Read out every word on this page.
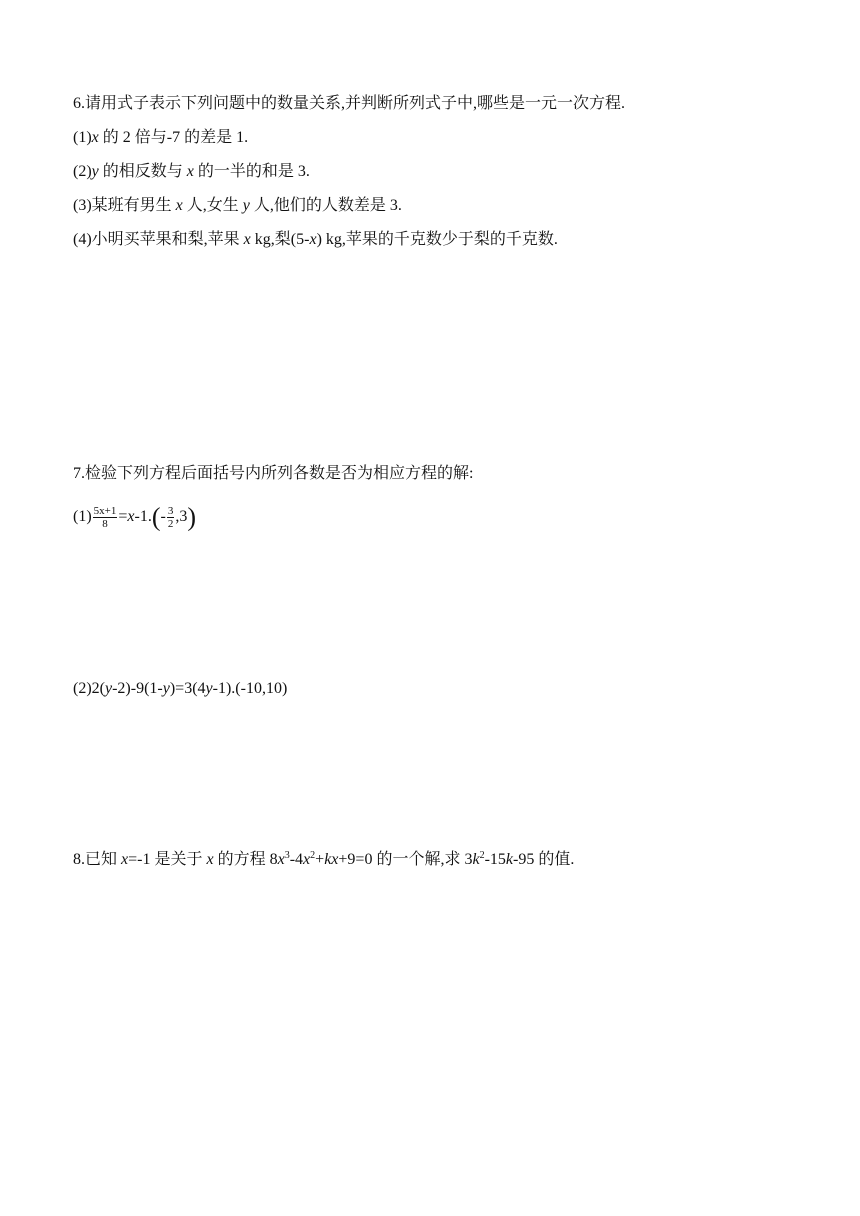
6.请用式子表示下列问题中的数量关系,并判断所列式子中,哪些是一元一次方程.
(1)x 的 2 倍与-7 的差是 1.
(2)y 的相反数与 x 的一半的和是 3.
(3)某班有男生 x 人,女生 y 人,他们的人数差是 3.
(4)小明买苹果和梨,苹果 x kg,梨(5-x) kg,苹果的千克数少于梨的千克数.
7.检验下列方程后面括号内所列各数是否为相应方程的解:
$(1) \frac{5x+1}{8} =x-1.(- \frac{3}{2} ,3)$
(2)2(y-2)-9(1-y)=3(4y-1).(-10,10)
8.已知 x=-1 是关于 x 的方程 $8x^3-4x^2+kx+9=0$ 的一个解,求 $3k^2-15k-95$ 的值.
